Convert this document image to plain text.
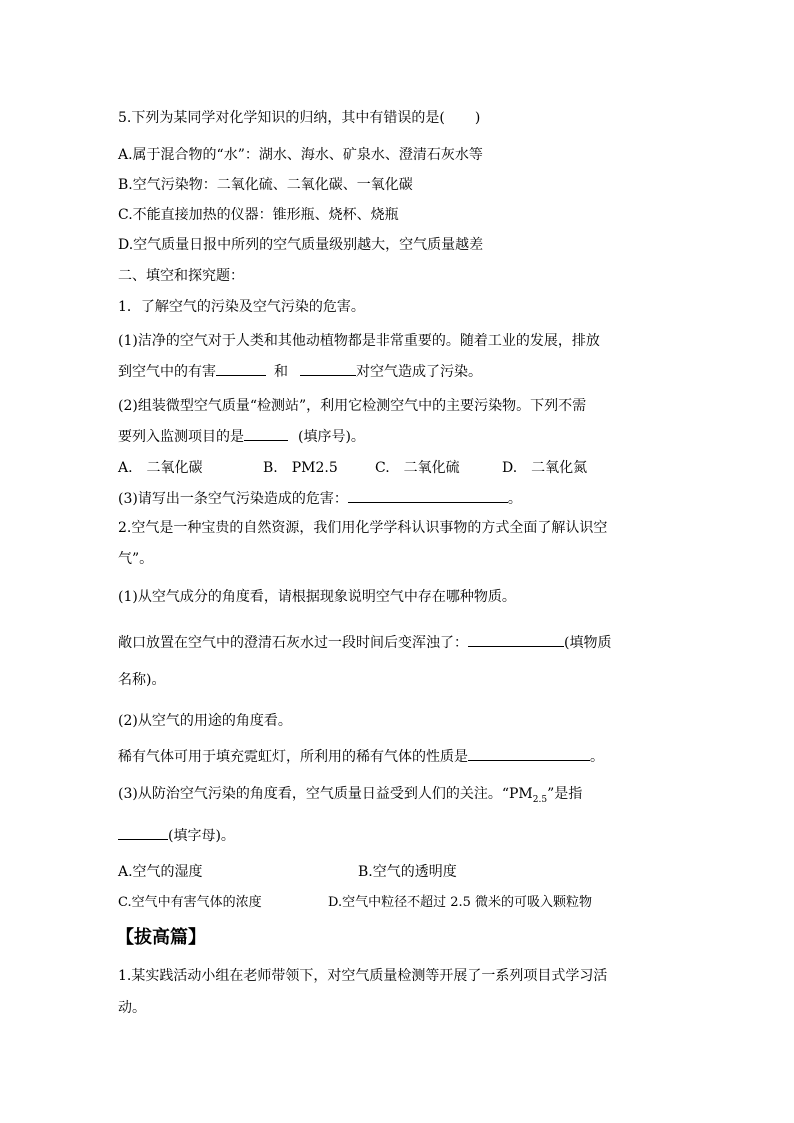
5.下列为某同学对化学知识的归纳，其中有错误的是( )
A.属于混合物的“水”：湖水、海水、矿泉水、澄清石灰水等
B.空气污染物：二氧化硫、二氧化碳、一氧化碳
C.不能直接加热的仪器：锥形瓶、烧杯、烧瓶
D.空气质量日报中所列的空气质量级别越大，空气质量越差
二、填空和探究题：
1．了解空气的污染及空气污染的危害。
(1)洁净的空气对于人类和其他动植物都是非常重要的。随着工业的发展，排放
到空气中的有害	和	对空气造成了污染。
(2)组装微型空气质量“检测站”，利用它检测空气中的主要污染物。下列不需
要列入监测项目的是	(填序号)。
A.　二氧化碳	B.　PM2.5	C.　二氧化硫	D.　二氧化氮
(3)请写出一条空气污染造成的危害：	。
2.空气是一种宝贵的自然资源，我们用化学学科认识事物的方式全面了解认识空
气”。
(1)从空气成分的角度看，请根据现象说明空气中存在哪种物质。
敞口放置在空气中的澄清石灰水过一段时间后变浑浊了：	(填物质
名称)。
(2)从空气的用途的角度看。
稀有气体可用于填充霓虹灯，所利用的稀有气体的性质是	。
(3)从防治空气污染的角度看，空气质量日益受到人们的关注。“$PM_{2.5}$”是指
(填字母)。
A.空气的湿度	B.空气的透明度
C.空气中有害气体的浓度	D.空气中粒径不超过 2.5 微米的可吸入颗粒物
【拔高篇】
1.某实践活动小组在老师带领下，对空气质量检测等开展了一系列项目式学习活
动。
